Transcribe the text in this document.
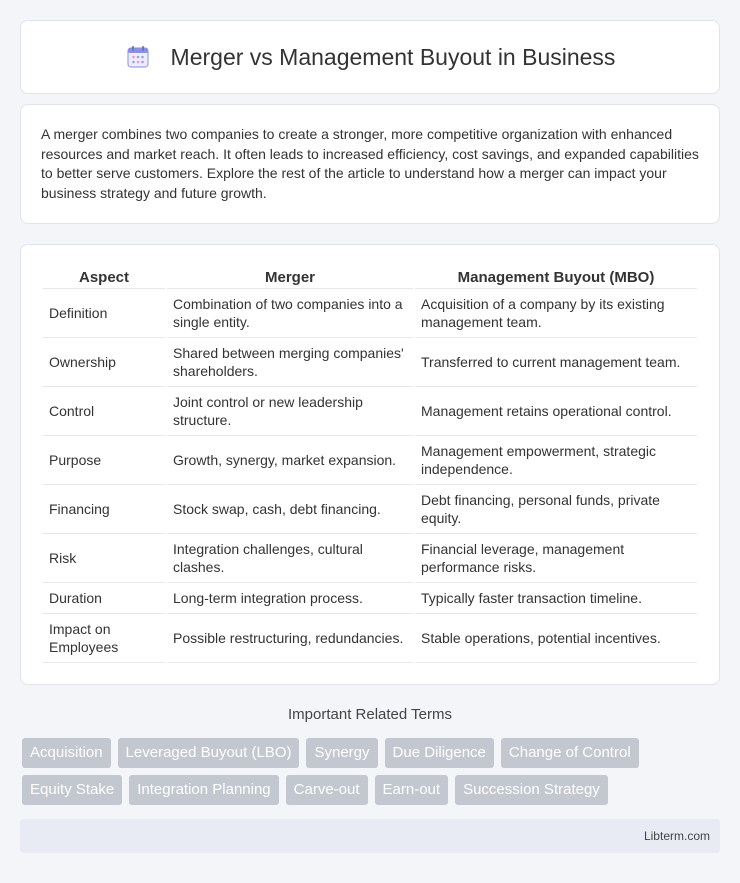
Merger vs Management Buyout in Business

A merger combines two companies to create a stronger, more competitive organization with enhanced resources and market reach. It often leads to increased efficiency, cost savings, and expanded capabilities to better serve customers. Explore the rest of the article to understand how a merger can impact your business strategy and future growth.

Aspect	Merger	Management Buyout (MBO)
Definition	Combination of two companies into a single entity.	Acquisition of a company by its existing management team.
Ownership	Shared between merging companies' shareholders.	Transferred to current management team.
Control	Joint control or new leadership structure.	Management retains operational control.
Purpose	Growth, synergy, market expansion.	Management empowerment, strategic independence.
Financing	Stock swap, cash, debt financing.	Debt financing, personal funds, private equity.
Risk	Integration challenges, cultural clashes.	Financial leverage, management performance risks.
Duration	Long-term integration process.	Typically faster transaction timeline.
Impact on Employees	Possible restructuring, redundancies.	Stable operations, potential incentives.
Important Related Terms
Acquisition	Leveraged Buyout (LBO)	Synergy	Due Diligence	Change of Control
Equity Stake	Integration Planning	Carve-out	Earn-out	Succession Strategy
Libterm.com
